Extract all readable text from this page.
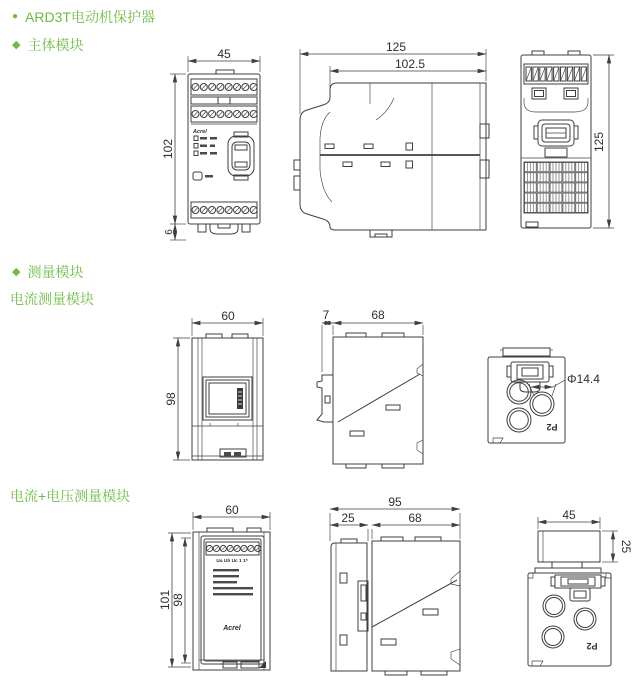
● ARD3T电动机保护器
◆ 主体模块
◆ 测量模块
电流测量模块
电流+电压测量模块
45
102
6
Acrel
125
102.5
125
60
98
7	68
Φ14.4
P2
60
101 98
Ua Ub Uc 1 1*
Acrel
95
25	68	45
25
P2
